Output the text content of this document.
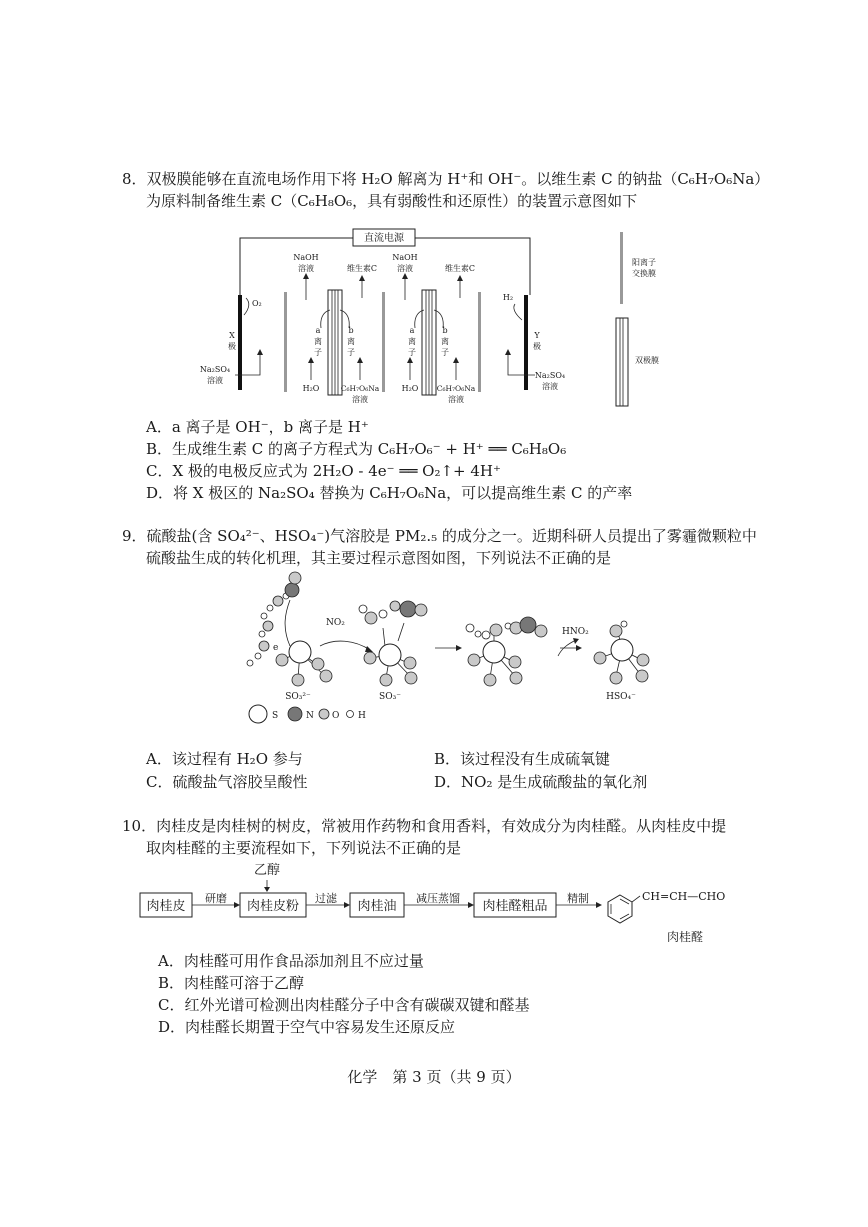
8．双极膜能够在直流电场作用下将 H₂O 解离为 H⁺和 OH⁻。以维生素 C 的钠盐（C₆H₇O₆Na）
为原料制备维生素 C（C₆H₈O₆，具有弱酸性和还原性）的装置示意图如下
直流电源
NaOH
溶液	维生素C
NaOH
溶液	维生素C
O₂
X
极
Na₂SO₄
溶液
a
离
子
b
离
子
a
离
子
b
离
子
H₂O	C₆H₇O₆Na
溶液
H₂O C₆H₇O₆Na
溶液
H₂
Y
极
Na₂SO₄
溶液
阳离子
交换膜
双极膜
A．a 离子是 OH⁻，b 离子是 H⁺
B．生成维生素 C 的离子方程式为 C₆H₇O₆⁻ + H⁺ ══ C₆H₈O₆
C．X 极的电极反应式为 2H₂O - 4e⁻ ══ O₂↑+ 4H⁺
D．将 X 极区的 Na₂SO₄ 替换为 C₆H₇O₆Na，可以提高维生素 C 的产率
9．硫酸盐(含 SO₄²⁻、HSO₄⁻)气溶胶是 PM₂.₅ 的成分之一。近期科研人员提出了雾霾微颗粒中
硫酸盐生成的转化机理，其主要过程示意图如图，下列说法不正确的是
e
SO₃²⁻
NO₂
SO₃⁻
HNO₂
HSO₄⁻
S	N O H
A．该过程有 H₂O 参与	B．该过程没有生成硫氧键
C．硫酸盐气溶胶呈酸性	D．NO₂ 是生成硫酸盐的氧化剂
10．肉桂皮是肉桂树的树皮，常被用作药物和食用香料，有效成分为肉桂醛。从肉桂皮中提
取肉桂醛的主要流程如下，下列说法不正确的是
乙醇
肉桂皮
研磨
肉桂皮粉
过滤
肉桂油
减压蒸馏
肉桂醛粗品
精制	CH=CH—CHO
肉桂醛
A．肉桂醛可用作食品添加剂且不应过量
B．肉桂醛可溶于乙醇
C．红外光谱可检测出肉桂醛分子中含有碳碳双键和醛基
D．肉桂醛长期置于空气中容易发生还原反应
化学　第 3 页（共 9 页）
